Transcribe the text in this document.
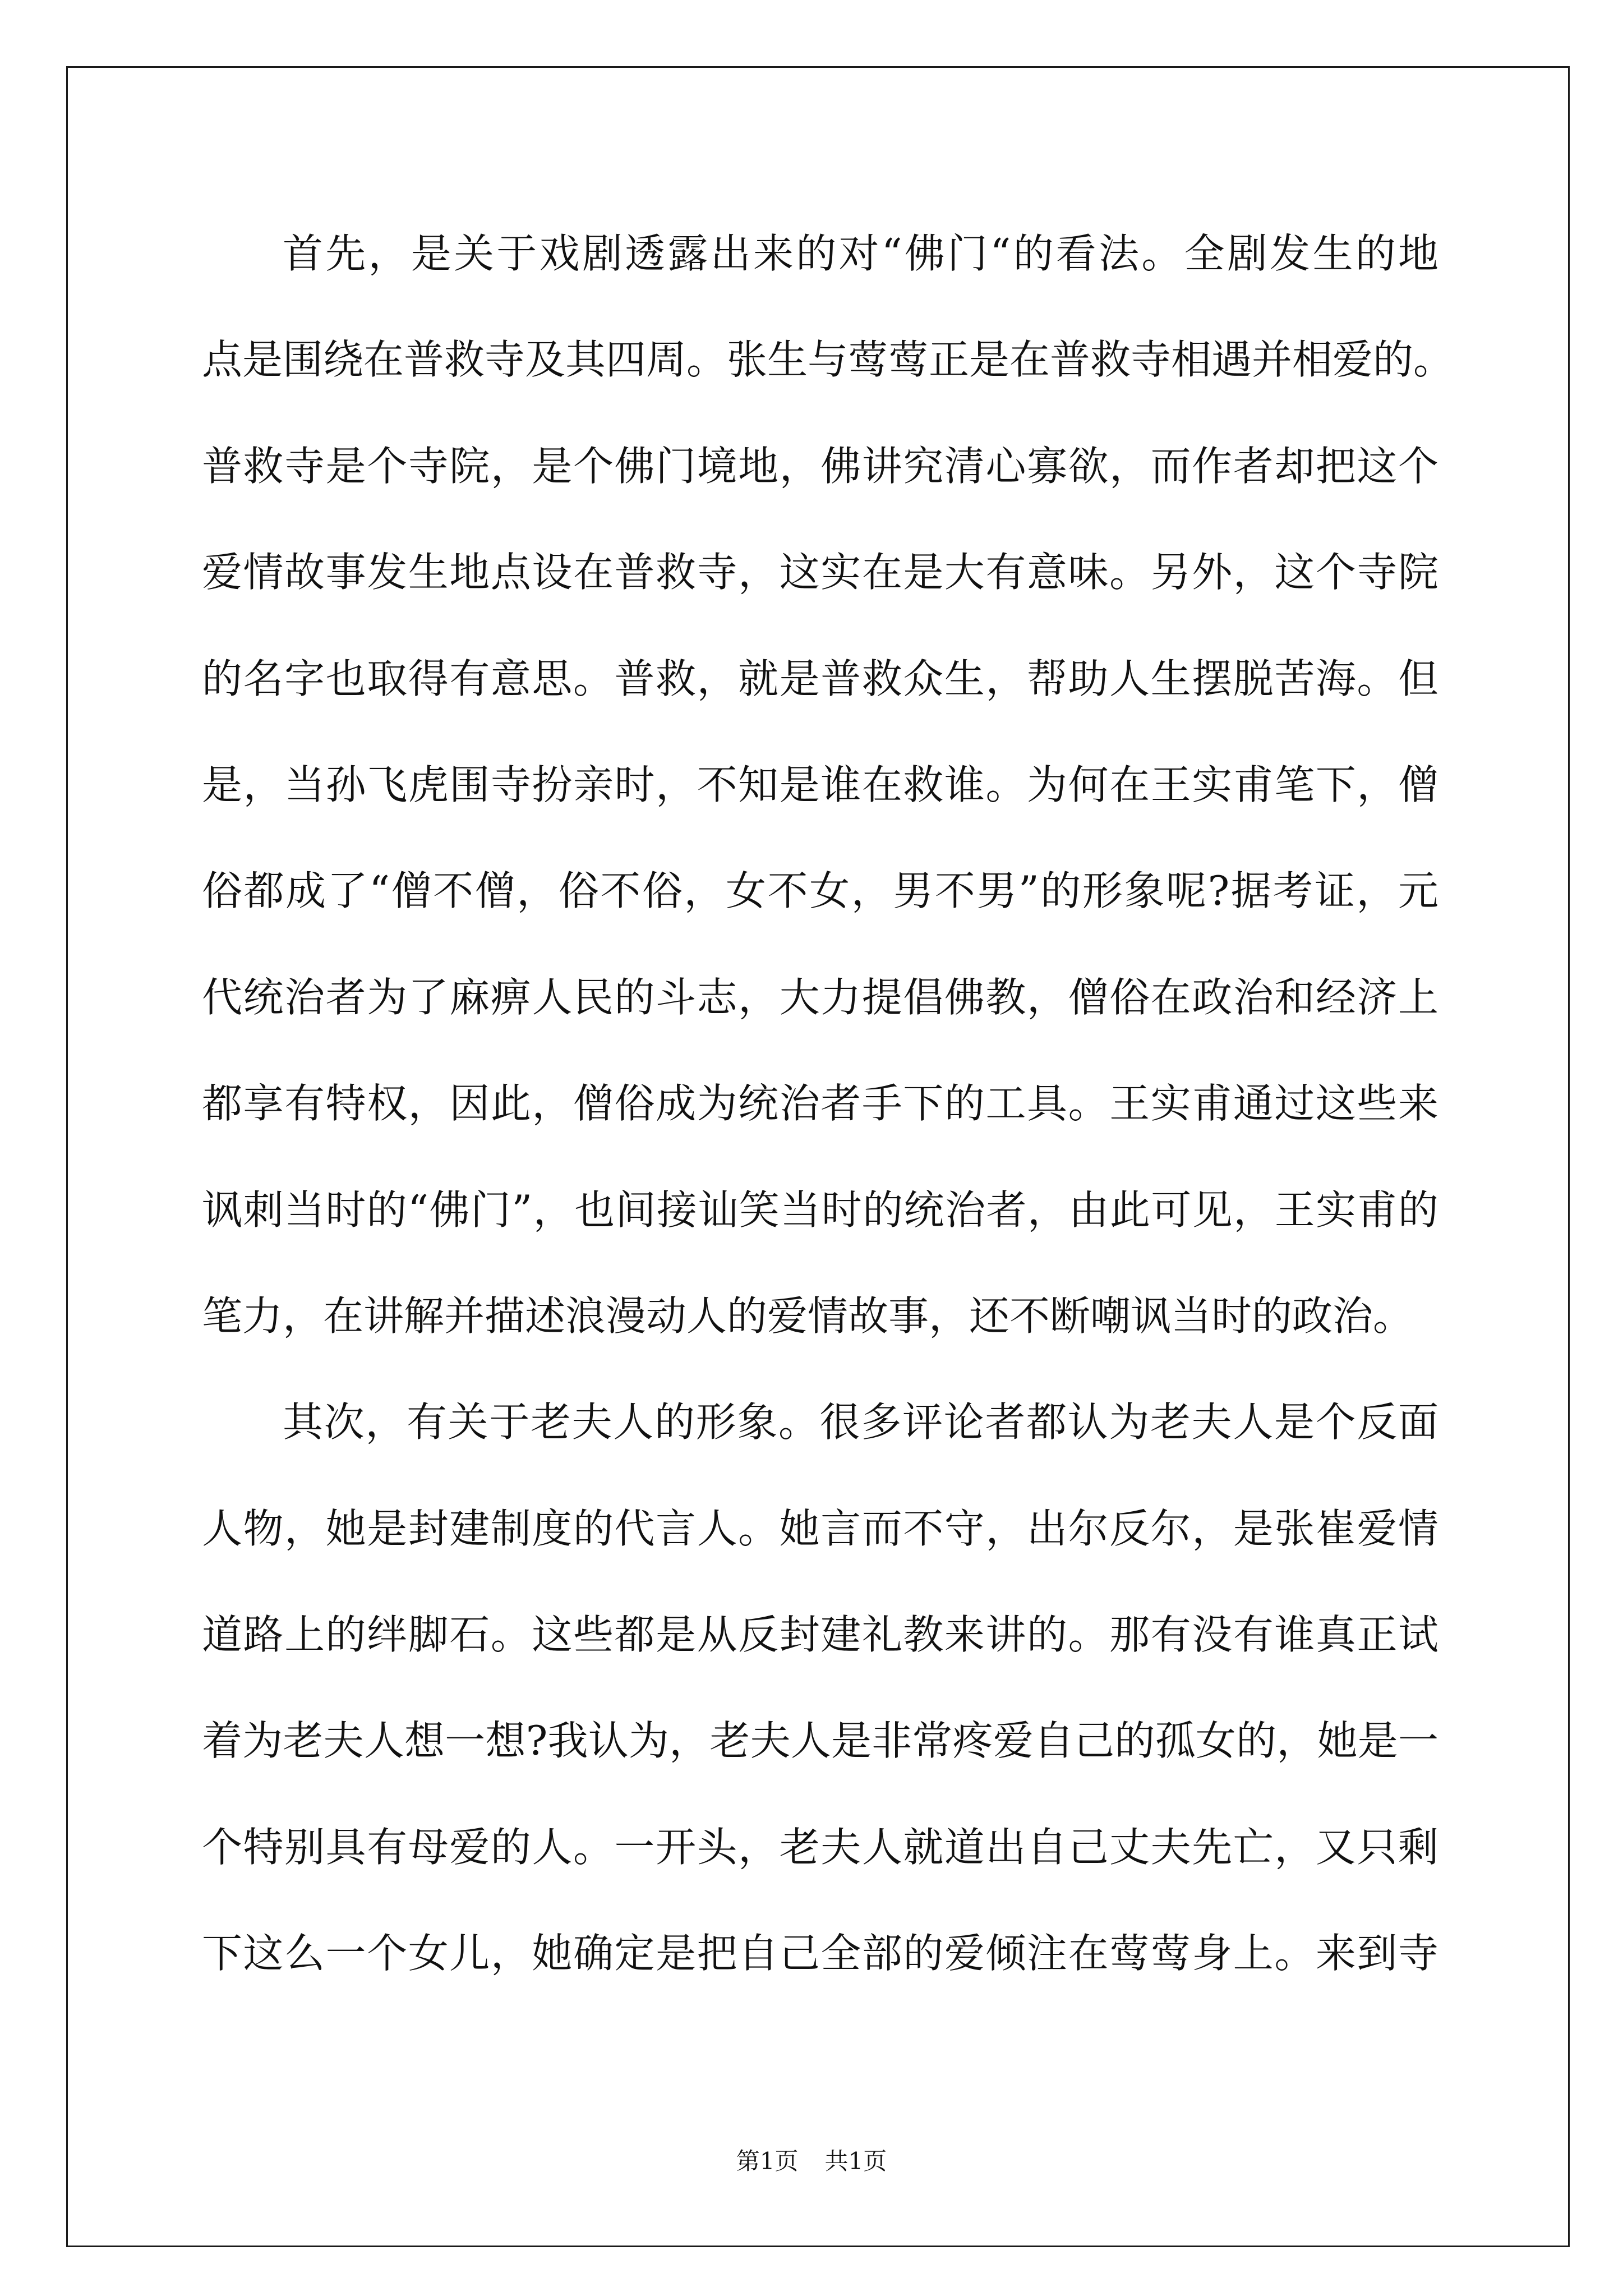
首先，是关于戏剧透露出来的对“佛门“的看法。全剧发生的地
点是围绕在普救寺及其四周。张生与莺莺正是在普救寺相遇并相爱的。
普救寺是个寺院，是个佛门境地，佛讲究清心寡欲，而作者却把这个
爱情故事发生地点设在普救寺，这实在是大有意味。另外，这个寺院
的名字也取得有意思。普救，就是普救众生，帮助人生摆脱苦海。但
是，当孙飞虎围寺扮亲时，不知是谁在救谁。为何在王实甫笔下，僧
俗都成了“僧不僧，俗不俗，女不女，男不男”的形象呢?据考证，元
代统治者为了麻痹人民的斗志，大力提倡佛教，僧俗在政治和经济上
都享有特权，因此，僧俗成为统治者手下的工具。王实甫通过这些来
讽刺当时的“佛门”，也间接讪笑当时的统治者，由此可见，王实甫的
笔力，在讲解并描述浪漫动人的爱情故事，还不断嘲讽当时的政治。
其次，有关于老夫人的形象。很多评论者都认为老夫人是个反面
人物，她是封建制度的代言人。她言而不守，出尔反尔，是张崔爱情
道路上的绊脚石。这些都是从反封建礼教来讲的。那有没有谁真正试
着为老夫人想一想?我认为，老夫人是非常疼爱自己的孤女的，她是一
个特别具有母爱的人。一开头，老夫人就道出自己丈夫先亡，又只剩
下这么一个女儿，她确定是把自己全部的爱倾注在莺莺身上。来到寺
第1页 共1页
